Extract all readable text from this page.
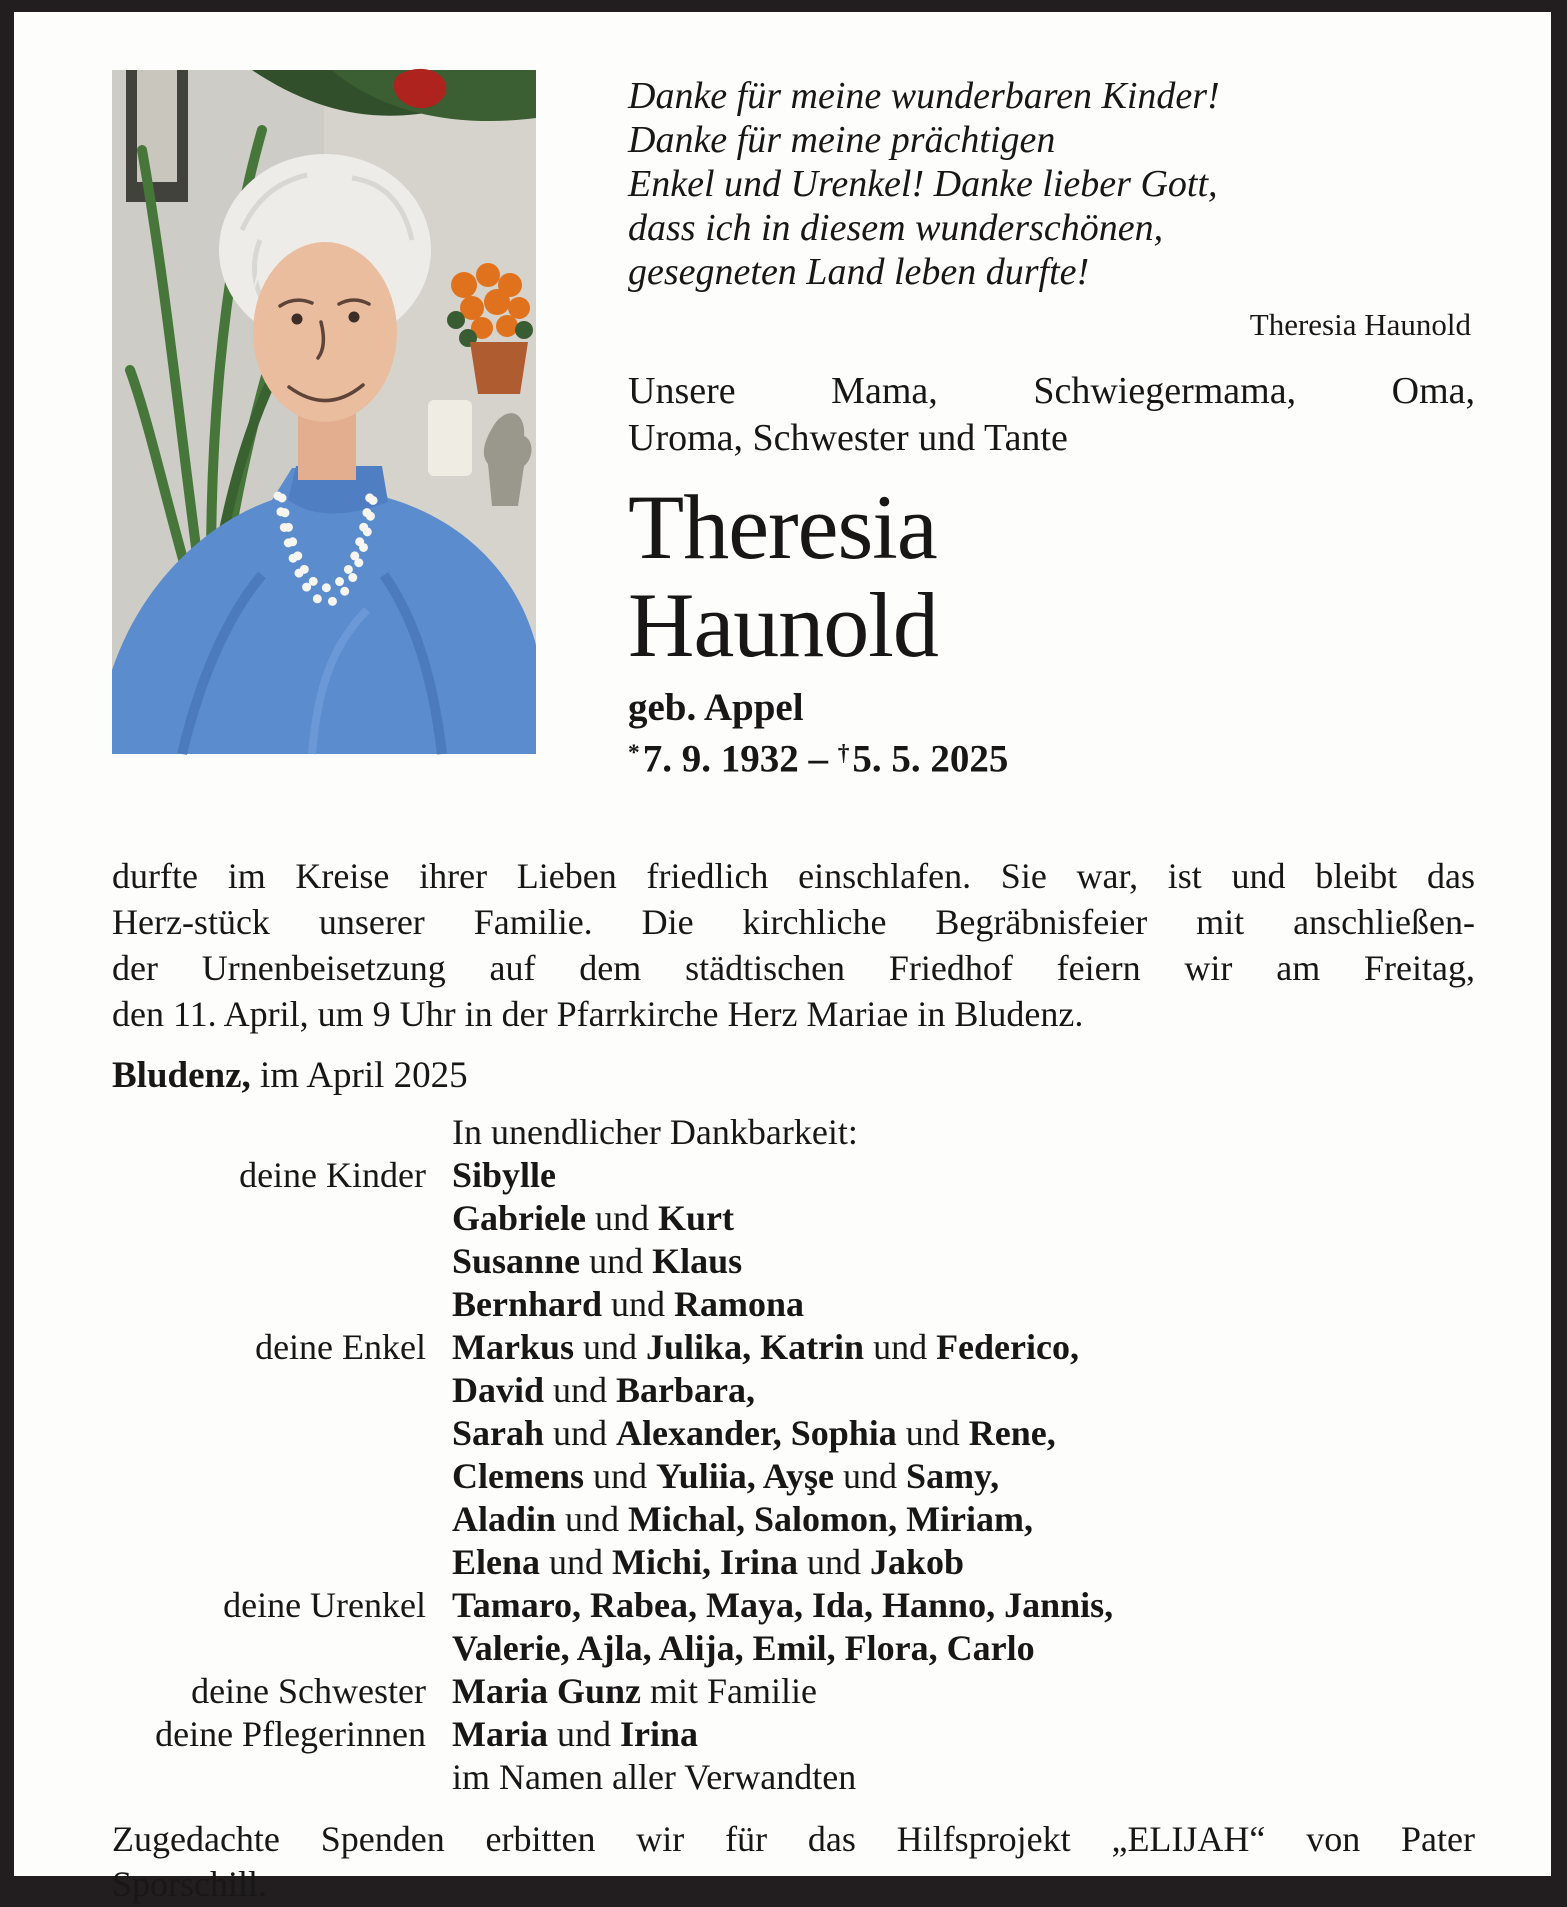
Danke für meine wunderbaren Kinder!
Danke für meine prächtigen
Enkel und Urenkel! Danke lieber Gott,
dass ich in diesem wunderschönen,
gesegneten Land leben durfte!
Theresia Haunold
Unsere Mama, Schwiegermama, Oma,
Uroma, Schwester und Tante
Theresia
Haunold
geb. Appel
*7. 9. 1932 – †5. 5. 2025
durfte im Kreise ihrer Lieben friedlich einschlafen. Sie war, ist und bleibt das
Herz-stück unserer Familie. Die kirchliche Begräbnisfeier mit anschließen-
der Urnenbeisetzung auf dem städtischen Friedhof feiern wir am Freitag,
den 11. April, um 9 Uhr in der Pfarrkirche Herz Mariae in Bludenz.
Bludenz, im April 2025
In unendlicher Dankbarkeit:
deine Kinder Sibylle
Gabriele und Kurt
Susanne und Klaus
Bernhard und Ramona
deine Enkel Markus und Julika, Katrin und Federico,
David und Barbara,
Sarah und Alexander, Sophia und Rene,
Clemens und Yuliia, Ayşe und Samy,
Aladin und Michal, Salomon, Miriam,
Elena und Michi, Irina und Jakob
deine Urenkel Tamaro, Rabea, Maya, Ida, Hanno, Jannis,
Valerie, Ajla, Alija, Emil, Flora, Carlo
deine Schwester Maria Gunz mit Familie
deine Pflegerinnen Maria und Irina
im Namen aller Verwandten
Zugedachte Spenden erbitten wir für das Hilfsprojekt „ELIJAH“ von Pater
Sporschill.
